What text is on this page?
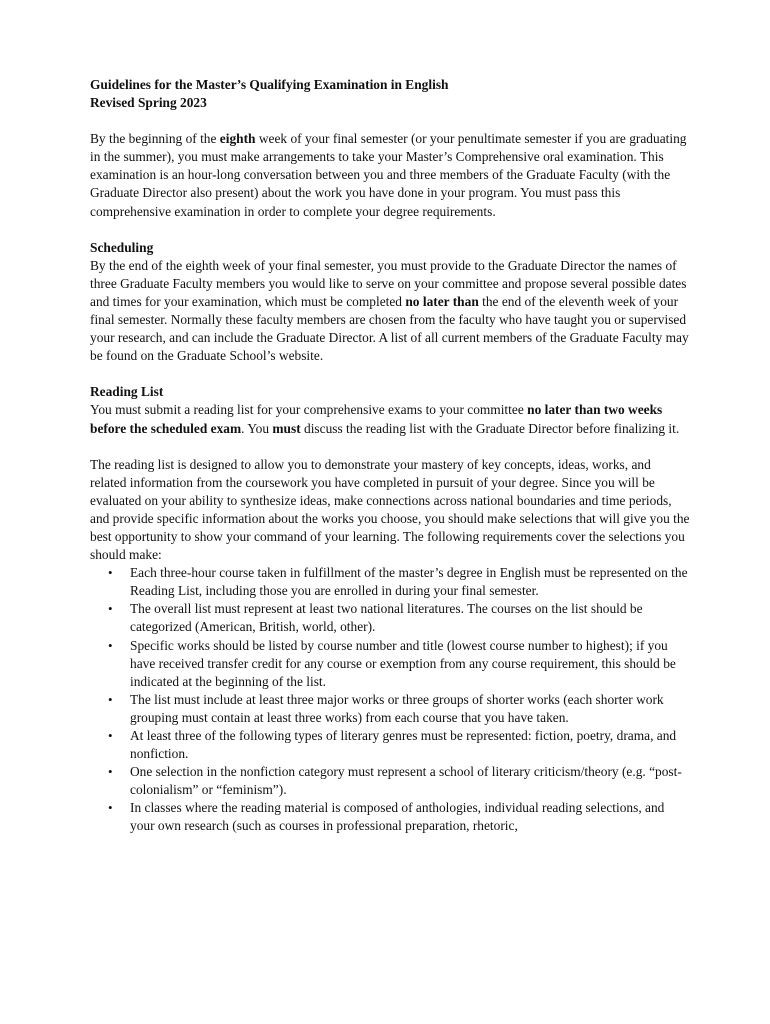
Guidelines for the Master’s Qualifying Examination in English
Revised Spring 2023

By the beginning of the eighth week of your final semester (or your penultimate semester if you are graduating in the summer), you must make arrangements to take your Master’s Comprehensive oral examination. This examination is an hour-long conversation between you and three members of the Graduate Faculty (with the Graduate Director also present) about the work you have done in your program. You must pass this comprehensive examination in order to complete your degree requirements.

Scheduling

By the end of the eighth week of your final semester, you must provide to the Graduate Director the names of three Graduate Faculty members you would like to serve on your committee and propose several possible dates and times for your examination, which must be completed no later than the end of the eleventh week of your final semester. Normally these faculty members are chosen from the faculty who have taught you or supervised your research, and can include the Graduate Director. A list of all current members of the Graduate Faculty may be found on the Graduate School’s website.

Reading List

You must submit a reading list for your comprehensive exams to your committee no later than two weeks before the scheduled exam. You must discuss the reading list with the Graduate Director before finalizing it.

The reading list is designed to allow you to demonstrate your mastery of key concepts, ideas, works, and related information from the coursework you have completed in pursuit of your degree. Since you will be evaluated on your ability to synthesize ideas, make connections across national boundaries and time periods, and provide specific information about the works you choose, you should make selections that will give you the best opportunity to show your command of your learning. The following requirements cover the selections you should make:
• Each three-hour course taken in fulfillment of the master’s degree in English must be represented on the Reading List, including those you are enrolled in during your final semester.
• The overall list must represent at least two national literatures. The courses on the list should be categorized (American, British, world, other).
• Specific works should be listed by course number and title (lowest course number to highest); if you have received transfer credit for any course or exemption from any course requirement, this should be indicated at the beginning of the list.
• The list must include at least three major works or three groups of shorter works (each shorter work grouping must contain at least three works) from each course that you have taken.
• At least three of the following types of literary genres must be represented: fiction, poetry, drama, and nonfiction.
• One selection in the nonfiction category must represent a school of literary criticism/theory (e.g. “post-colonialism” or “feminism”).
• In classes where the reading material is composed of anthologies, individual reading selections, and your own research (such as courses in professional preparation, rhetoric,
